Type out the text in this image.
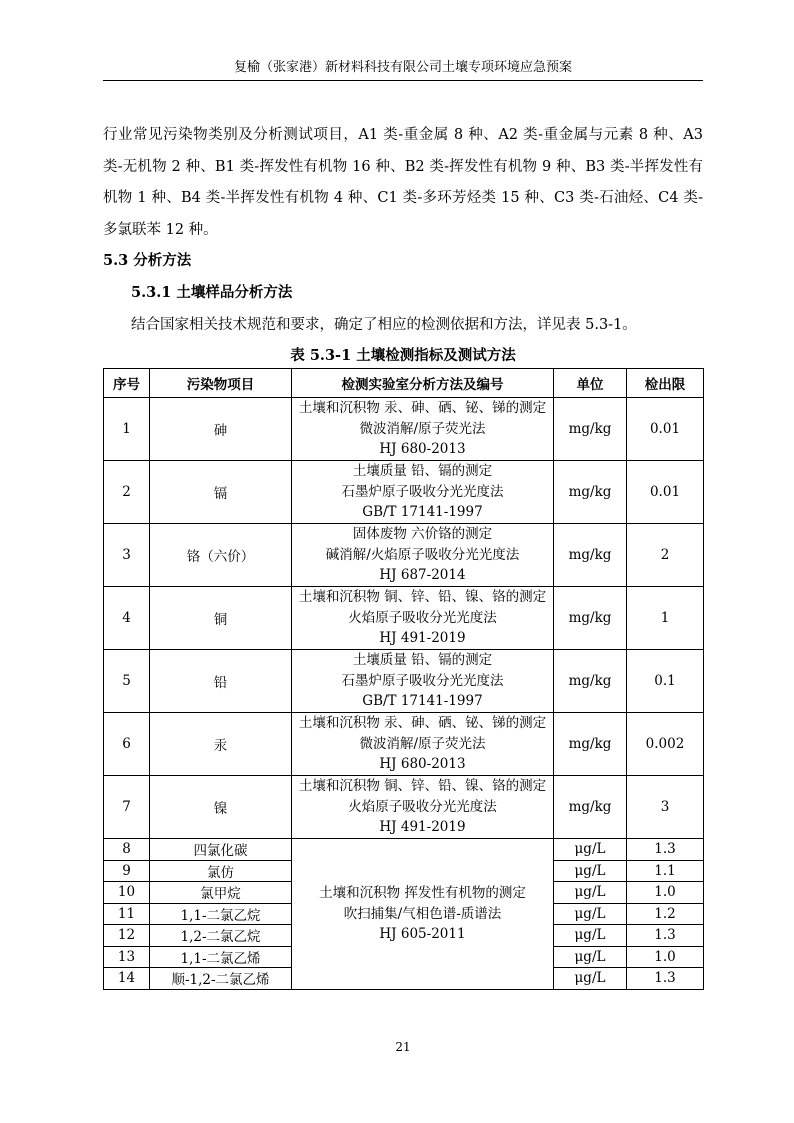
复榆（张家港）新材料科技有限公司土壤专项环境应急预案
行业常见污染物类别及分析测试项目，A1 类-重金属 8 种、A2 类-重金属与元素 8 种、A3 类-无机物 2 种、B1 类-挥发性有机物 16 种、B2 类-挥发性有机物 9 种、B3 类-半挥发性有机物 1 种、B4 类-半挥发性有机物 4 种、C1 类-多环芳烃类 15 种、C3 类-石油烃、C4 类-多氯联苯 12 种。
5.3 分析方法
5.3.1 土壤样品分析方法
结合国家相关技术规范和要求，确定了相应的检测依据和方法，详见表 5.3-1。
表 5.3-1 土壤检测指标及测试方法
序号	污染物项目	检测实验室分析方法及编号	单位	检出限
1	砷	土壤和沉积物 汞、砷、硒、铋、锑的测定
微波消解/原子荧光法
HJ 680-2013	mg/kg	0.01
2	镉	土壤质量 铅、镉的测定
石墨炉原子吸收分光光度法
GB/T 17141-1997	mg/kg	0.01
3	铬（六价）	固体废物 六价铬的测定
碱消解/火焰原子吸收分光光度法
HJ 687-2014	mg/kg	2
4	铜	土壤和沉积物 铜、锌、铅、镍、铬的测定
火焰原子吸收分光光度法
HJ 491-2019	mg/kg	1
5	铅	土壤质量 铅、镉的测定
石墨炉原子吸收分光光度法
GB/T 17141-1997	mg/kg	0.1
6	汞	土壤和沉积物 汞、砷、硒、铋、锑的测定
微波消解/原子荧光法
HJ 680-2013	mg/kg	0.002
7	镍	土壤和沉积物 铜、锌、铅、镍、铬的测定
火焰原子吸收分光光度法
HJ 491-2019	mg/kg	3
8	四氯化碳	土壤和沉积物 挥发性有机物的测定
吹扫捕集/气相色谱-质谱法
HJ 605-2011	μg/L	1.3
9	氯仿		μg/L	1.1
10	氯甲烷		μg/L	1.0
11	1,1-二氯乙烷		μg/L	1.2
12	1,2-二氯乙烷		μg/L	1.3
13	1,1-二氯乙烯		μg/L	1.0
14	顺-1,2-二氯乙烯		μg/L	1.3
21
